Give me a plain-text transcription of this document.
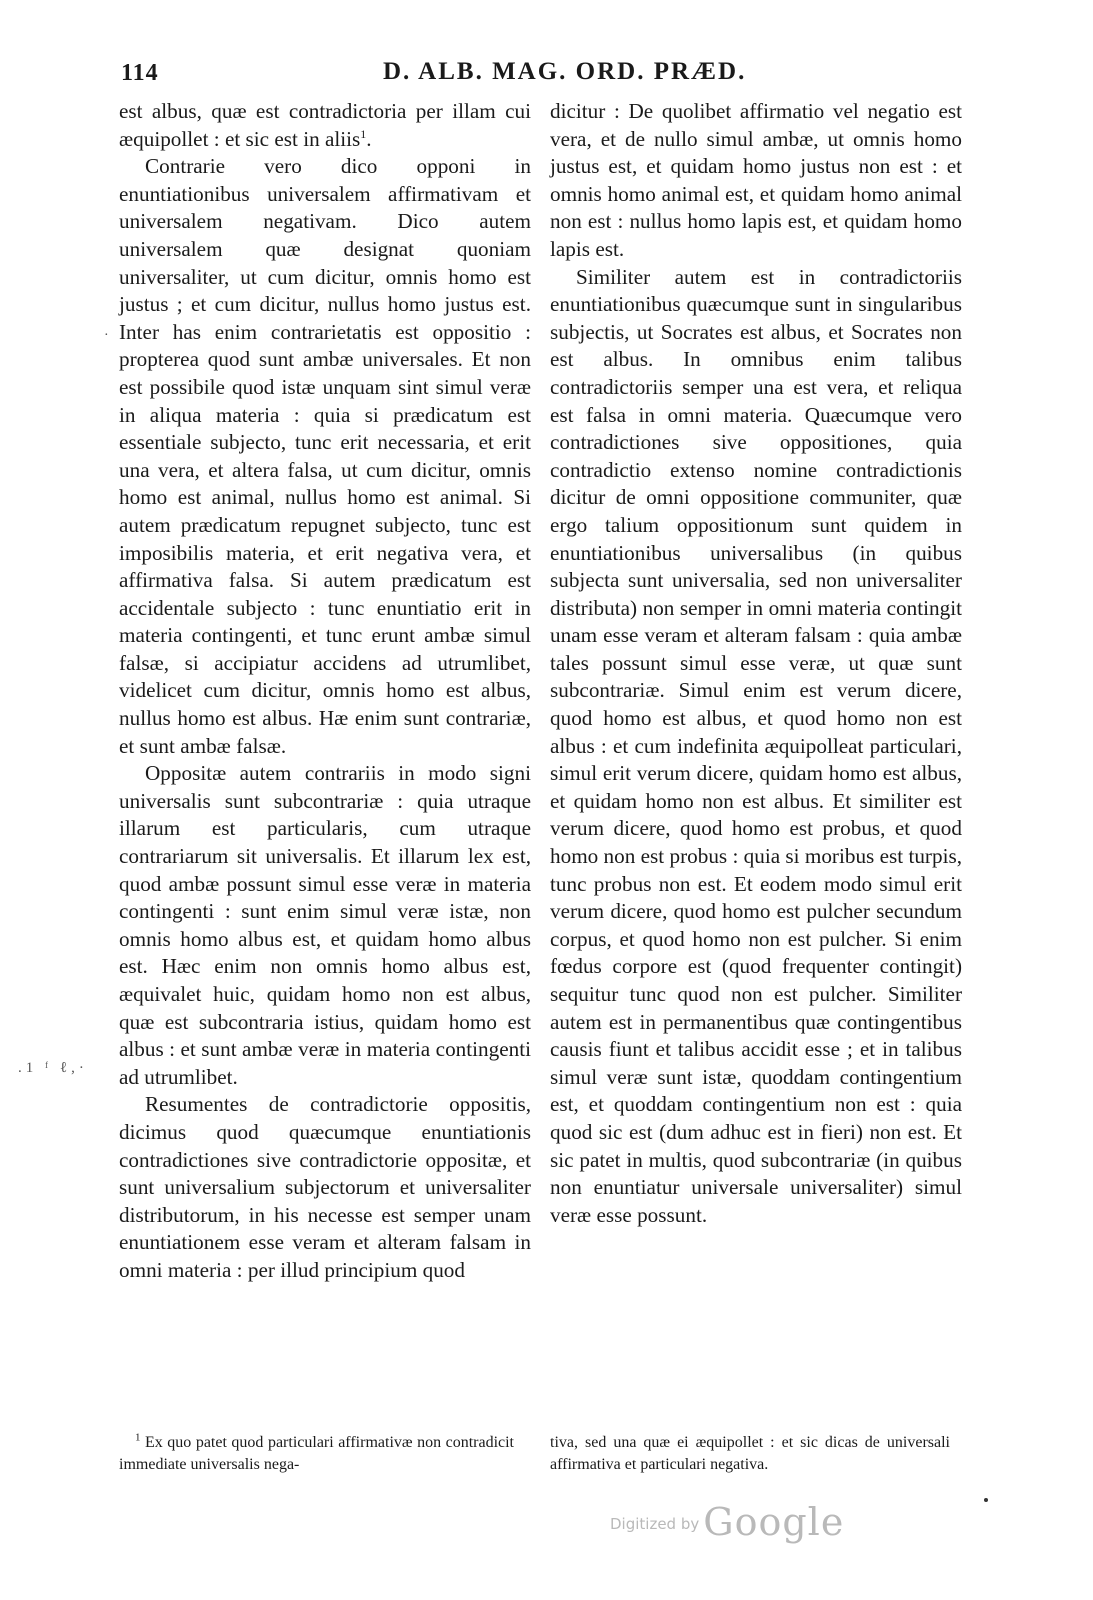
114	D. ALB. MAG. ORD. PRÆD.

est albus, quæ est contradictoria per illam cui æquipollet : et sic est in aliis$^1$.

Contrarie vero dico opponi in enuntiationibus universalem affirmativam et universalem negativam. Dico autem universalem quæ designat quoniam universaliter, ut cum dicitur, omnis homo est justus ; et cum dicitur, nullus homo justus est. Inter has enim contrarietatis est oppositio : propterea quod sunt ambæ universales. Et non est possibile quod istæ unquam sint simul veræ in aliqua materia : quia si prædicatum est essentiale subjecto, tunc erit necessaria, et erit una vera, et altera falsa, ut cum dicitur, omnis homo est animal, nullus homo est animal. Si autem prædicatum repugnet subjecto, tunc est imposibilis materia, et erit negativa vera, et affirmativa falsa. Si autem prædicatum est accidentale subjecto : tunc enuntiatio erit in materia contingenti, et tunc erunt ambæ simul falsæ, si accipiatur accidens ad utrumlibet, videlicet cum dicitur, omnis homo est albus, nullus homo est albus. Hæ enim sunt contrariæ, et sunt ambæ falsæ.

Oppositæ autem contrariis in modo signi universalis sunt subcontrariæ : quia utraque illarum est particularis, cum utraque contrariarum sit universalis. Et illarum lex est, quod ambæ possunt simul esse veræ in materia contingenti : sunt enim simul veræ istæ, non omnis homo albus est, et quidam homo albus est. Hæc enim non omnis homo albus est, æquivalet huic, quidam homo non est albus, quæ est subcontraria istius, quidam homo est albus : et sunt ambæ veræ in materia contingenti ad utrumlibet.

Resumentes de contradictorie oppositis, dicimus quod quæcumque enuntiationis contradictiones sive contradictorie oppositæ, et sunt universalium subjectorum et universaliter distributorum, in his necesse est semper unam enuntiationem esse veram et alteram falsam in omni materia : per illud principium quod

dicitur : De quolibet affirmatio vel negatio est vera, et de nullo simul ambæ, ut omnis homo justus est, et quidam homo justus non est : et omnis homo animal est, et quidam homo animal non est : nullus homo lapis est, et quidam homo lapis est.

Similiter autem est in contradictoriis enuntiationibus quæcumque sunt in singularibus subjectis, ut Socrates est albus, et Socrates non est albus. In omnibus enim talibus contradictoriis semper una est vera, et reliqua est falsa in omni materia. Quæcumque vero contradictiones sive oppositiones, quia contradictio extenso nomine contradictionis dicitur de omni oppositione communiter, quæ ergo talium oppositionum sunt quidem in enuntiationibus universalibus (in quibus subjecta sunt universalia, sed non universaliter distributa) non semper in omni materia contingit unam esse veram et alteram falsam : quia ambæ tales possunt simul esse veræ, ut quæ sunt subcontrariæ. Simul enim est verum dicere, quod homo est albus, et quod homo non est albus : et cum indefinita æquipolleat particulari, simul erit verum dicere, quidam homo est albus, et quidam homo non est albus. Et similiter est verum dicere, quod homo est probus, et quod homo non est probus : quia si moribus est turpis, tunc probus non est. Et eodem modo simul erit verum dicere, quod homo est pulcher secundum corpus, et quod homo non est pulcher. Si enim fœdus corpore est (quod frequenter contingit) sequitur tunc quod non est pulcher. Similiter autem est in permanentibus quæ contingentibus causis fiunt et talibus accidit esse ; et in talibus simul veræ sunt istæ, quoddam contingentium est, et quoddam contingentium non est : quia quod sic est (dum adhuc est in fieri) non est. Et sic patet in multis, quod subcontrariæ (in quibus non enuntiatur universale universaliter) simul veræ esse possunt.

$^1$ Ex quo patet quod particulari affirmativæ non contradicit immediate universalis nega-
tiva, sed una quæ ei æquipollet : et sic dicas de universali affirmativa et particulari negativa.
.1 ᶠ ℓ,·
·
Digitized by Google
